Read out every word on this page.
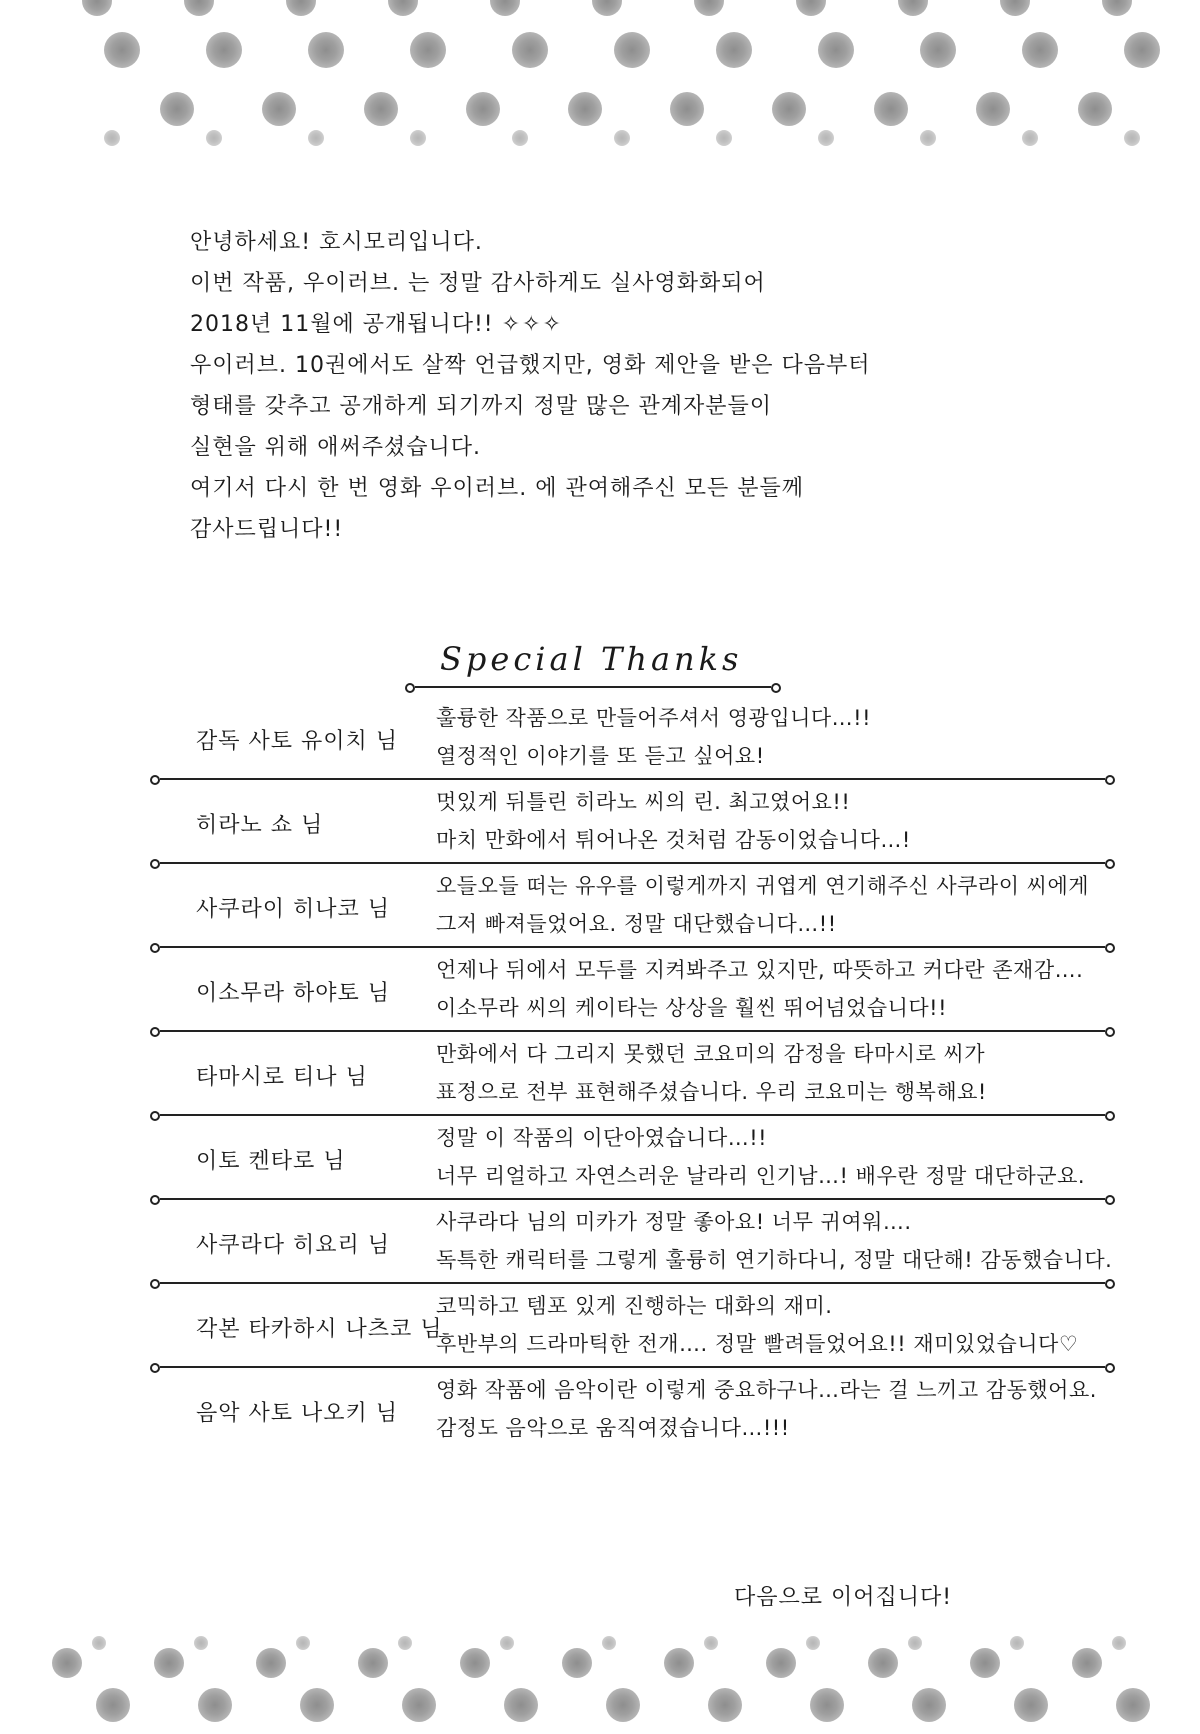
안녕하세요! 호시모리입니다.

이번 작품, 우이러브. 는 정말 감사하게도 실사영화화되어

2018년 11월에 공개됩니다!! ✧✧✧

우이러브. 10권에서도 살짝 언급했지만, 영화 제안을 받은 다음부터

형태를 갖추고 공개하게 되기까지 정말 많은 관계자분들이

실현을 위해 애써주셨습니다.

여기서 다시 한 번 영화 우이러브. 에 관여해주신 모든 분들께

감사드립니다!!

Special Thanks
감독 사토 유이치 님
훌륭한 작품으로 만들어주셔서 영광입니다…!!
열정적인 이야기를 또 듣고 싶어요!
히라노 쇼 님
멋있게 뒤틀린 히라노 씨의 린. 최고였어요!!
마치 만화에서 튀어나온 것처럼 감동이었습니다…!
사쿠라이 히나코 님
오들오들 떠는 유우를 이렇게까지 귀엽게 연기해주신 사쿠라이 씨에게
그저 빠져들었어요. 정말 대단했습니다…!!
이소무라 하야토 님
언제나 뒤에서 모두를 지켜봐주고 있지만, 따뜻하고 커다란 존재감….
이소무라 씨의 케이타는 상상을 훨씬 뛰어넘었습니다!!
타마시로 티나 님
만화에서 다 그리지 못했던 코요미의 감정을 타마시로 씨가
표정으로 전부 표현해주셨습니다. 우리 코요미는 행복해요!
이토 켄타로 님
정말 이 작품의 이단아였습니다…!!
너무 리얼하고 자연스러운 날라리 인기남…! 배우란 정말 대단하군요.
사쿠라다 히요리 님
사쿠라다 님의 미카가 정말 좋아요! 너무 귀여워….
독특한 캐릭터를 그렇게 훌륭히 연기하다니, 정말 대단해! 감동했습니다.
각본 타카하시 나츠코 님
코믹하고 템포 있게 진행하는 대화의 재미.
후반부의 드라마틱한 전개…. 정말 빨려들었어요!! 재미있었습니다♡
음악 사토 나오키 님
영화 작품에 음악이란 이렇게 중요하구나…라는 걸 느끼고 감동했어요.
감정도 음악으로 움직여졌습니다…!!!
다음으로 이어집니다!
